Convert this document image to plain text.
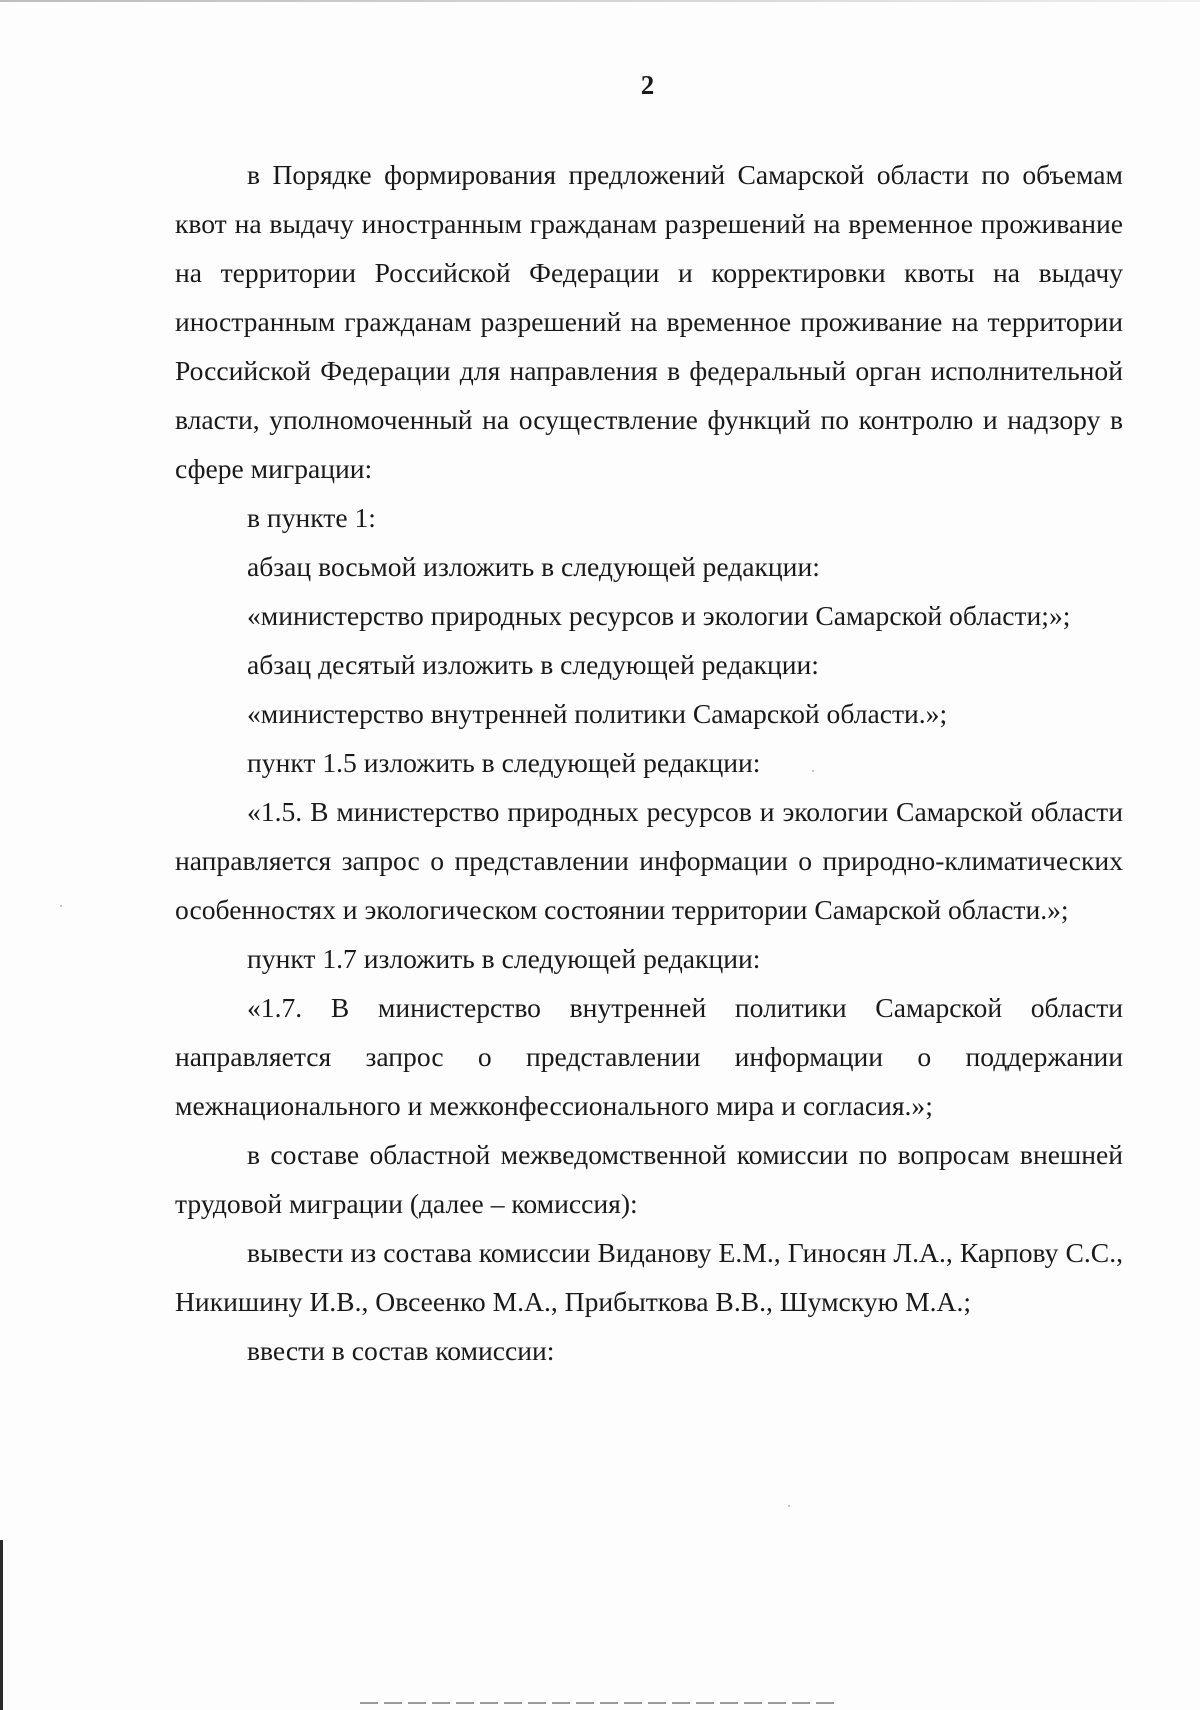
2

в Порядке формирования предложений Самарской области по объемам квот на выдачу иностранным гражданам разрешений на временное проживание на территории Российской Федерации и корректировки квоты на выдачу иностранным гражданам разрешений на временное проживание на территории Российской Федерации для направления в федеральный орган исполнительной власти, уполномоченный на осуществление функций по контролю и надзору в сфере миграции:

в пункте 1:

абзац восьмой изложить в следующей редакции:

«министерство природных ресурсов и экологии Самарской области;»;

абзац десятый изложить в следующей редакции:

«министерство внутренней политики Самарской области.»;

пункт 1.5 изложить в следующей редакции:

«1.5. В министерство природных ресурсов и экологии Самарской области направляется запрос о представлении информации о природно-климатических особенностях и экологическом состоянии территории Самарской области.»;

пункт 1.7 изложить в следующей редакции:

«1.7. В министерство внутренней политики Самарской области направляется запрос о представлении информации о поддержании межнационального и межконфессионального мира и согласия.»;

в составе областной межведомственной комиссии по вопросам внешней трудовой миграции (далее – комиссия):

вывести из состава комиссии Виданову Е.М., Гиносян Л.А., Карпову С.С., Никишину И.В., Овсеенко М.А., Прибыткова В.В., Шумскую М.А.;

ввести в состав комиссии:
